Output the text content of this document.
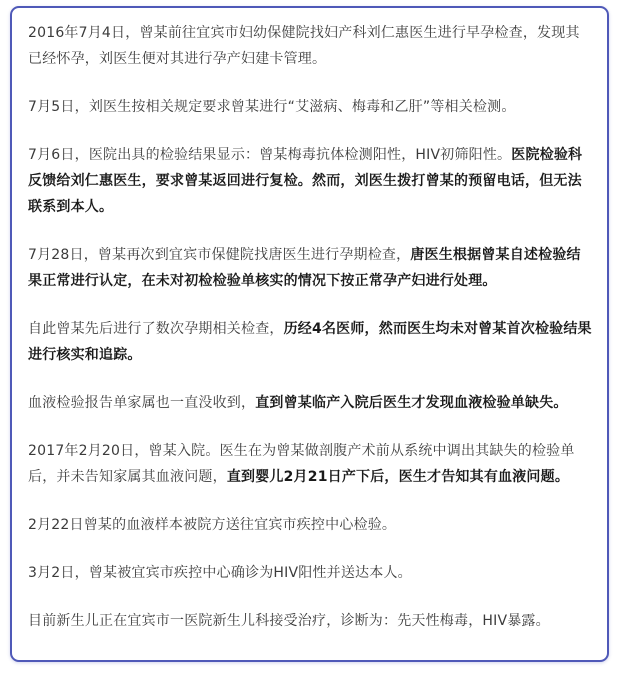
2016年7月4日，曾某前往宜宾市妇幼保健院找妇产科刘仁惠医生进行早孕检查，发现其已经怀孕，刘医生便对其进行孕产妇建卡管理。

7月5日，刘医生按相关规定要求曾某进行“艾滋病、梅毒和乙肝”等相关检测。

7月6日，医院出具的检验结果显示：曾某梅毒抗体检测阳性，HIV初筛阳性。医院检验科反馈给刘仁惠医生，要求曾某返回进行复检。然而，刘医生拨打曾某的预留电话，但无法联系到本人。

7月28日，曾某再次到宜宾市保健院找唐医生进行孕期检查，唐医生根据曾某自述检验结果正常进行认定，在未对初检检验单核实的情况下按正常孕产妇进行处理。

自此曾某先后进行了数次孕期相关检查，历经4名医师，然而医生均未对曾某首次检验结果进行核实和追踪。

血液检验报告单家属也一直没收到，直到曾某临产入院后医生才发现血液检验单缺失。

2017年2月20日，曾某入院。医生在为曾某做剖腹产术前从系统中调出其缺失的检验单后，并未告知家属其血液问题，直到婴儿2月21日产下后，医生才告知其有血液问题。

2月22日曾某的血液样本被院方送往宜宾市疾控中心检验。

3月2日，曾某被宜宾市疾控中心确诊为HIV阳性并送达本人。

目前新生儿正在宜宾市一医院新生儿科接受治疗，诊断为：先天性梅毒，HIV暴露。
